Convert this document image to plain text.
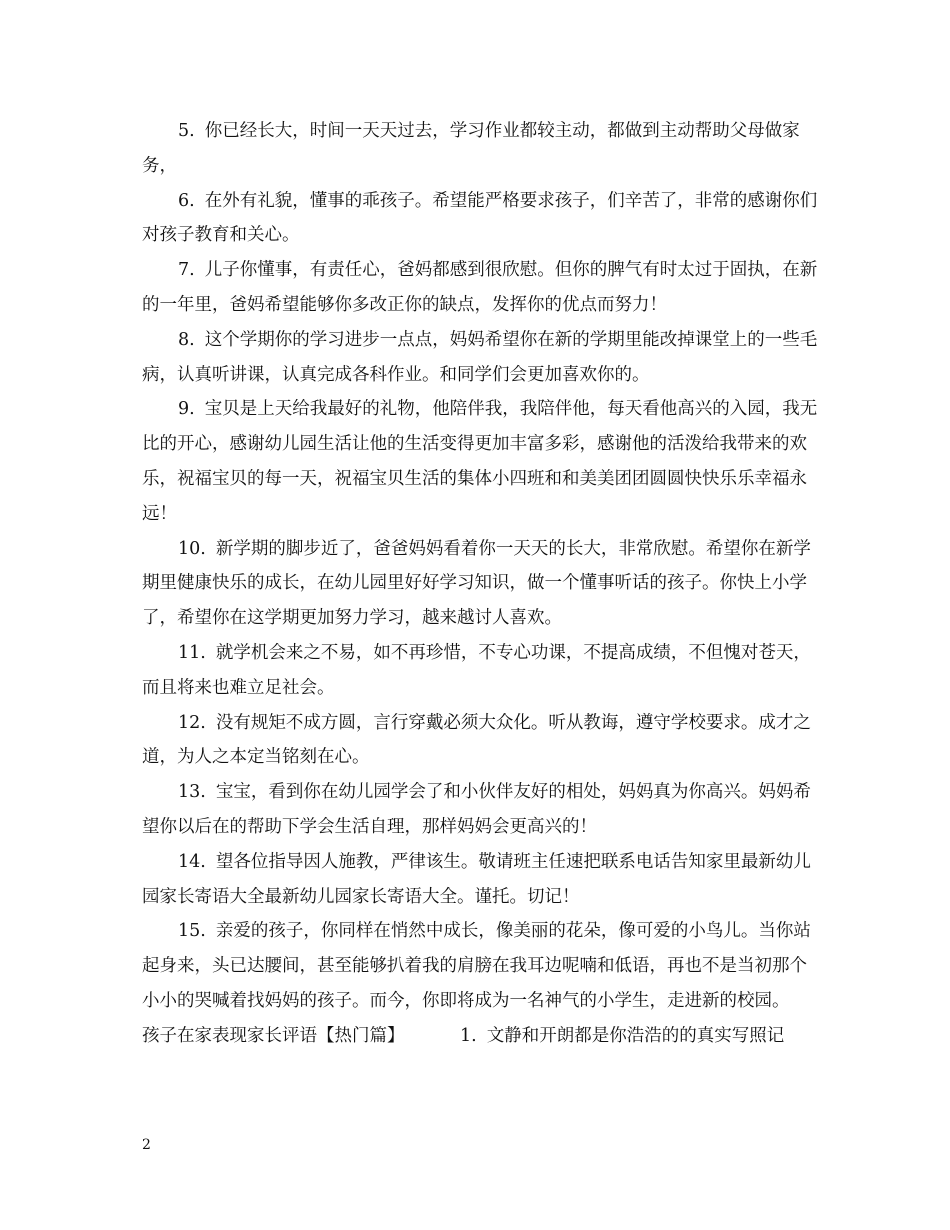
5. 你已经长大，时间一天天过去，学习作业都较主动，都做到主动帮助父母做家务，

6. 在外有礼貌，懂事的乖孩子。希望能严格要求孩子，们辛苦了，非常的感谢你们对孩子教育和关心。

7. 儿子你懂事，有责任心，爸妈都感到很欣慰。但你的脾气有时太过于固执，在新的一年里，爸妈希望能够你多改正你的缺点，发挥你的优点而努力！

8. 这个学期你的学习进步一点点，妈妈希望你在新的学期里能改掉课堂上的一些毛病，认真听讲课，认真完成各科作业。和同学们会更加喜欢你的。

9. 宝贝是上天给我最好的礼物，他陪伴我，我陪伴他，每天看他高兴的入园，我无比的开心，感谢幼儿园生活让他的生活变得更加丰富多彩，感谢他的活泼给我带来的欢乐，祝福宝贝的每一天，祝福宝贝生活的集体小四班和和美美团团圆圆快快乐乐幸福永远！

10. 新学期的脚步近了，爸爸妈妈看着你一天天的长大，非常欣慰。希望你在新学期里健康快乐的成长，在幼儿园里好好学习知识，做一个懂事听话的孩子。你快上小学了，希望你在这学期更加努力学习，越来越讨人喜欢。

11. 就学机会来之不易，如不再珍惜，不专心功课，不提高成绩，不但愧对苍天，而且将来也难立足社会。

12. 没有规矩不成方圆，言行穿戴必须大众化。听从教诲，遵守学校要求。成才之道，为人之本定当铭刻在心。

13. 宝宝，看到你在幼儿园学会了和小伙伴友好的相处，妈妈真为你高兴。妈妈希望你以后在的帮助下学会生活自理，那样妈妈会更高兴的！

14. 望各位指导因人施教，严律该生。敬请班主任速把联系电话告知家里最新幼儿园家长寄语大全最新幼儿园家长寄语大全。谨托。切记！

15. 亲爱的孩子，你同样在悄然中成长，像美丽的花朵，像可爱的小鸟儿。当你站起身来，头已达腰间，甚至能够扒着我的肩膀在我耳边呢喃和低语，再也不是当初那个小小的哭喊着找妈妈的孩子。而今，你即将成为一名神气的小学生，走进新的校园。

孩子在家表现家长评语【热门篇】	1. 文静和开朗都是你浩浩的的真实写照记

2
